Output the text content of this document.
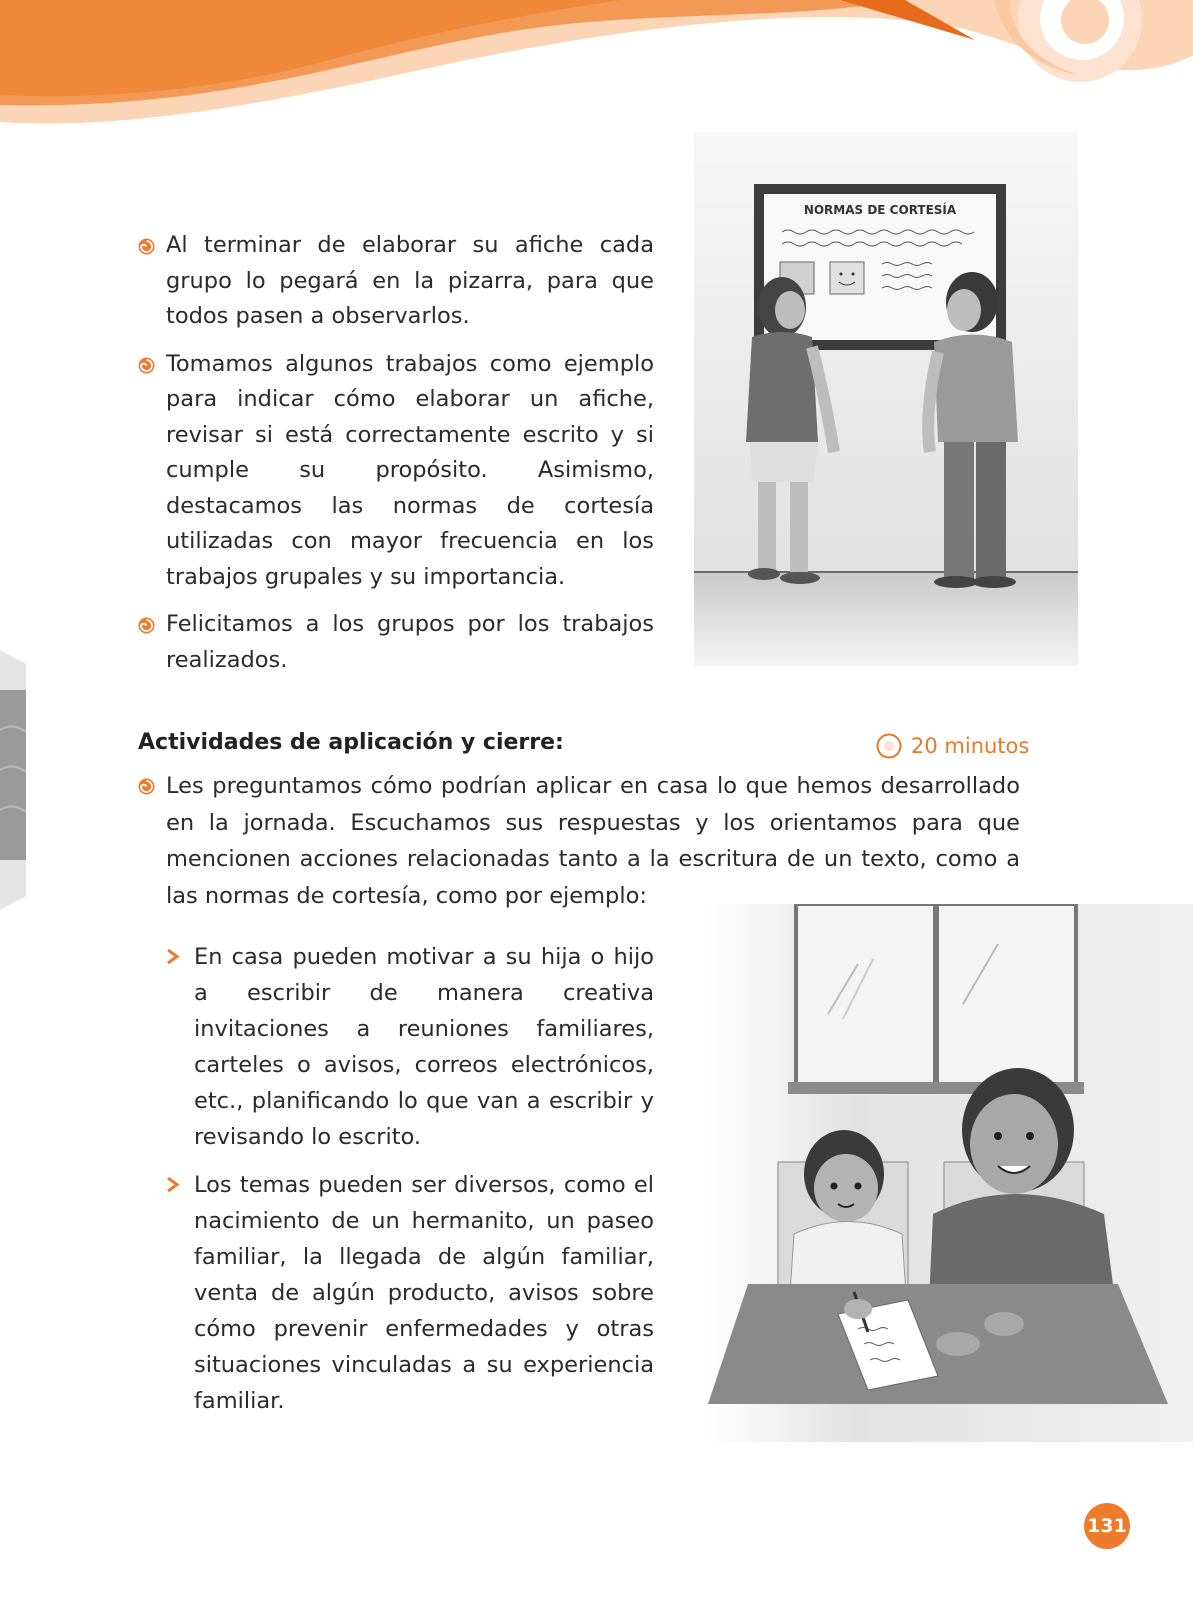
Al terminar de elaborar su afiche cada grupo lo pegará en la pizarra, para que todos pasen a observarlos.
Tomamos algunos trabajos como ejemplo para indicar cómo elaborar un afiche, revisar si está correctamente escrito y si cumple su propósito. Asimismo, destacamos las normas de cortesía utilizadas con mayor frecuencia en los trabajos grupales y su importancia.
Felicitamos a los grupos por los trabajos realizados.
NORMAS DE CORTESÍA
Actividades de aplicación y cierre:	20 minutos
Les preguntamos cómo podrían aplicar en casa lo que hemos desarrollado en la jornada. Escuchamos sus respuestas y los orientamos para que mencionen acciones relacionadas tanto a la escritura de un texto, como a las normas de cortesía, como por ejemplo:
En casa pueden motivar a su hija o hijo a escribir de manera creativa invitaciones a reuniones familiares, carteles o avisos, correos electrónicos, etc., planificando lo que van a escribir y revisando lo escrito.
Los temas pueden ser diversos, como el nacimiento de un hermanito, un paseo familiar, la llegada de algún familiar, venta de algún producto, avisos sobre cómo prevenir enfermedades y otras situaciones vinculadas a su experiencia familiar.
131
